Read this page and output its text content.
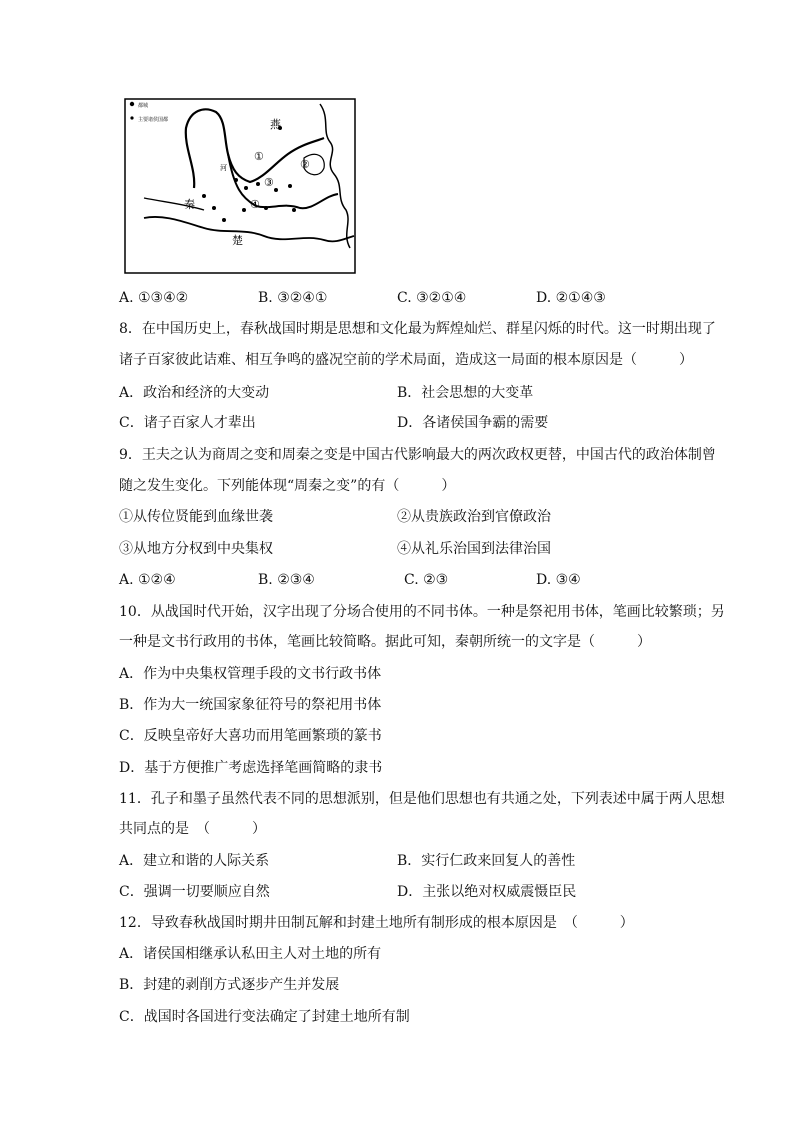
都城
主要诸侯国都	燕
秦
楚
河
①
②
③
④
A. ①③④②	B. ③②④①	C. ③②①④	D. ②①④③
8．在中国历史上，春秋战国时期是思想和文化最为辉煌灿烂、群星闪烁的时代。这一时期出现了
诸子百家彼此诘难、相互争鸣的盛况空前的学术局面，造成这一局面的根本原因是（　　　）
A．政治和经济的大变动	B．社会思想的大变革
C．诸子百家人才辈出	D．各诸侯国争霸的需要
9．王夫之认为商周之变和周秦之变是中国古代影响最大的两次政权更替，中国古代的政治体制曾
随之发生变化。下列能体现“周秦之变”的有（　　　）
①从传位贤能到血缘世袭	②从贵族政治到官僚政治
③从地方分权到中央集权	④从礼乐治国到法律治国
A. ①②④	B. ②③④	C. ②③	D. ③④
10．从战国时代开始，汉字出现了分场合使用的不同书体。一种是祭祀用书体，笔画比较繁琐；另
一种是文书行政用的书体，笔画比较简略。据此可知，秦朝所统一的文字是（　　　）
A．作为中央集权管理手段的文书行政书体
B．作为大一统国家象征符号的祭祀用书体
C．反映皇帝好大喜功而用笔画繁琐的篆书
D．基于方便推广考虑选择笔画简略的隶书
11．孔子和墨子虽然代表不同的思想派别，但是他们思想也有共通之处，下列表述中属于两人思想
共同点的是　（　　　）
A．建立和谐的人际关系	B．实行仁政来回复人的善性
C．强调一切要顺应自然	D．主张以绝对权威震慑臣民
12．导致春秋战国时期井田制瓦解和封建土地所有制形成的根本原因是　（　　　）
A．诸侯国相继承认私田主人对土地的所有
B．封建的剥削方式逐步产生并发展
C．战国时各国进行变法确定了封建土地所有制
